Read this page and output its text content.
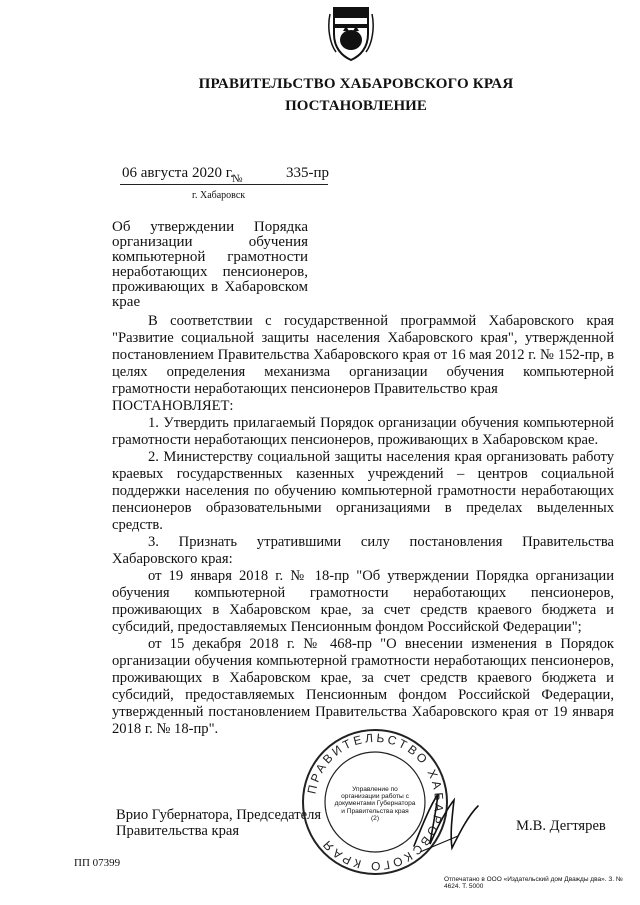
ПРАВИТЕЛЬСТВО ХАБАРОВСКОГО КРАЯ
ПОСТАНОВЛЕНИЕ
06 августа 2020 г.
№	335-пр
г. Хабаровск
Об утверждении Порядка организации обучения компьютерной грамотности неработающих пенсионеров, проживающих в Хабаровском крае

В соответствии с государственной программой Хабаровского края "Развитие социальной защиты населения Хабаровского края", утвержденной постановлением Правительства Хабаровского края от 16 мая 2012 г. № 152-пр, в целях определения механизма организации обучения компьютерной грамотности неработающих пенсионеров Правительство края

ПОСТАНОВЛЯЕТ:

1. Утвердить прилагаемый Порядок организации обучения компьютерной грамотности неработающих пенсионеров, проживающих в Хабаровском крае.

2. Министерству социальной защиты населения края организовать работу краевых государственных казенных учреждений – центров социальной поддержки населения по обучению компьютерной грамотности неработающих пенсионеров образовательными организациями в пределах выделенных средств.

3. Признать утратившими силу постановления Правительства Хабаровского края:

от 19 января 2018 г. № 18-пр "Об утверждении Порядка организации обучения компьютерной грамотности неработающих пенсионеров, проживающих в Хабаровском крае, за счет средств краевого бюджета и субсидий, предоставляемых Пенсионным фондом Российской Федерации";

от 15 декабря 2018 г. № 468-пр "О внесении изменения в Порядок организации обучения компьютерной грамотности неработающих пенсионеров, проживающих в Хабаровском крае, за счет средств краевого бюджета и субсидий, предоставляемых Пенсионным фондом Российской Федерации, утвержденный постановлением Правительства Хабаровского края от 19 января 2018 г. № 18-пр".

Врио Губернатора, Председателя
Правительства края
ПРАВИТЕЛЬСТВО ХАБАРОВСКОГО КРАЯ
Управление по организации работы с документами Губернатора и Правительства края
(2)	М.В. Дегтярев
ПП 07399
Отпечатано в ООО «Издательский дом Дважды два». З. № 4624. Т. 5000
